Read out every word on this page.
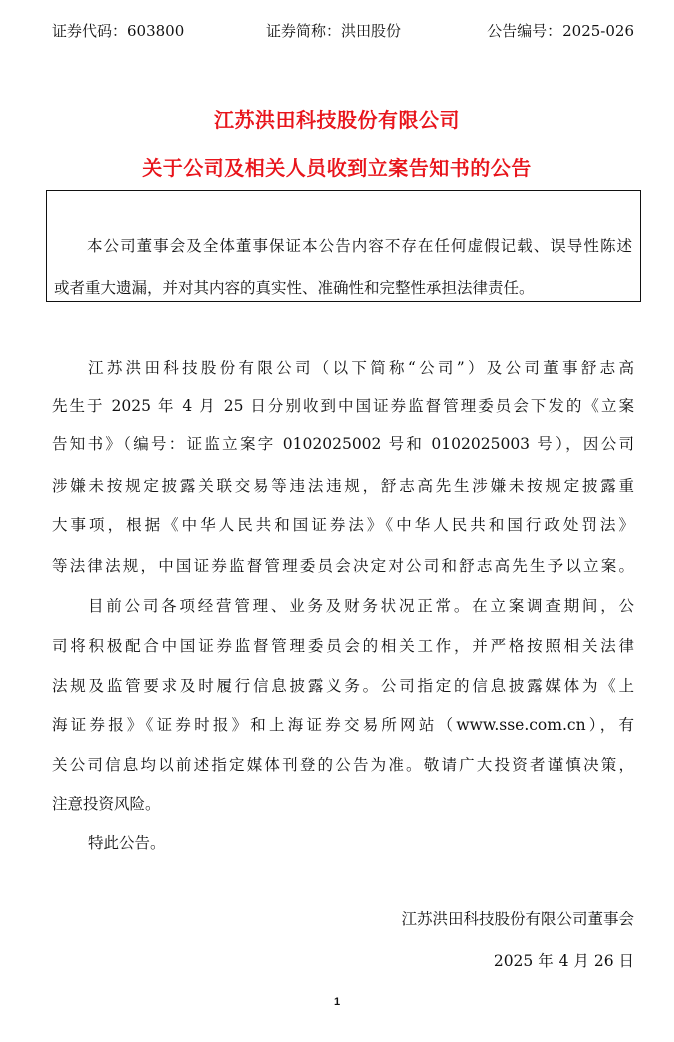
证券代码：603800	证券简称：洪田股份	公告编号：2025-026
江苏洪田科技股份有限公司
关于公司及相关人员收到立案告知书的公告
本公司董事会及全体董事保证本公告内容不存在任何虚假记载、误导性陈述
或者重大遗漏，并对其内容的真实性、准确性和完整性承担法律责任。
江苏洪田科技股份有限公司（以下简称“公司”）及公司董事舒志高
先生于 2025 年 4 月 25 日分别收到中国证券监督管理委员会下发的《立案
告知书》（编号：证监立案字 0102025002 号和 0102025003 号），因公司
涉嫌未按规定披露关联交易等违法违规，舒志高先生涉嫌未按规定披露重
大事项，根据《中华人民共和国证券法》《中华人民共和国行政处罚法》
等法律法规，中国证券监督管理委员会决定对公司和舒志高先生予以立案。
目前公司各项经营管理、业务及财务状况正常。在立案调查期间，公
司将积极配合中国证券监督管理委员会的相关工作，并严格按照相关法律
法规及监管要求及时履行信息披露义务。公司指定的信息披露媒体为《上
海证券报》《证券时报》和上海证券交易所网站（www.sse.com.cn），有
关公司信息均以前述指定媒体刊登的公告为准。敬请广大投资者谨慎决策，
注意投资风险。
特此公告。
江苏洪田科技股份有限公司董事会
2025 年 4 月 26 日
1
